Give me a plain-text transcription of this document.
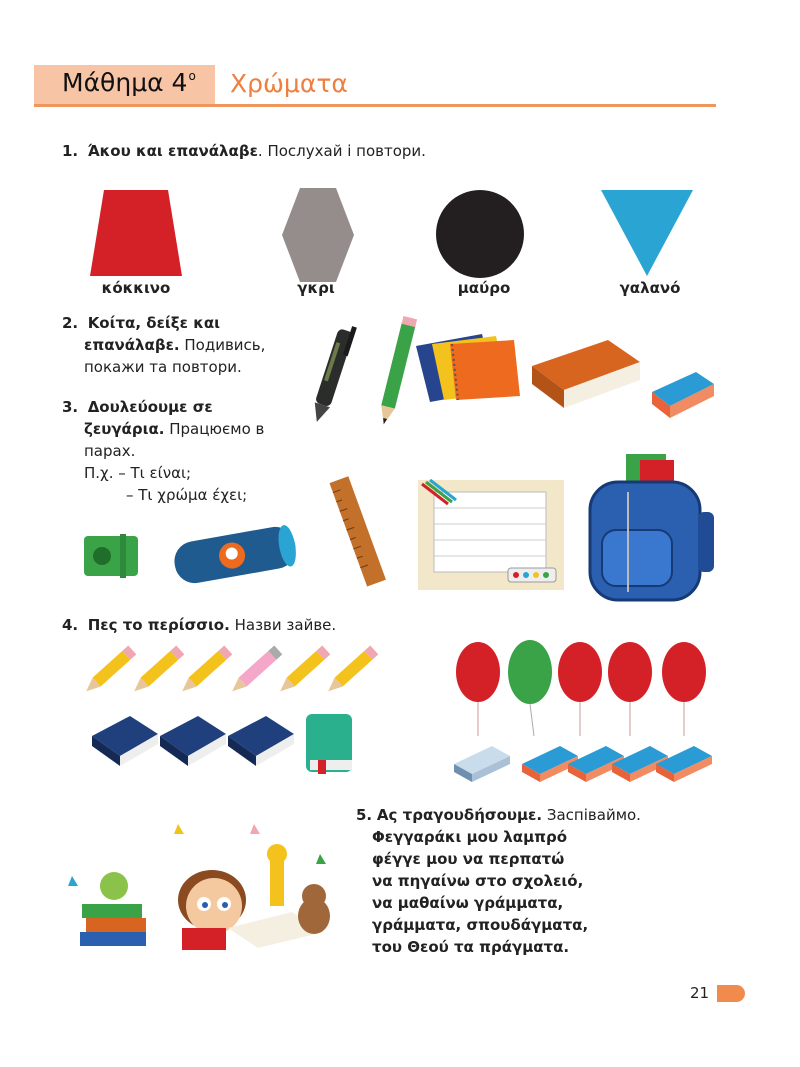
Μάθημα $4^o$ Χρώματα
1. Άκου και επανάλαβε. Послухай і повтори.
κόκκινο	γκρι	μαύρο	γαλανό
2. Κοίτα, δείξε και
επανάλαβε. Подивись,
покажи та повтори.
3. Δουλεύουμε σε
ζευγάρια. Працюємо в
парах.
Π.χ. – Τι είναι;
– Τι χρώμα έχει;
4. Πες το περίσσιο. Назви зайве.
5. Ας τραγουδήσουμε. Заспіваймо.
Φεγγαράκι μου λαμπρό
φέγγε μου να περπατώ
να πηγαίνω στο σχολειό,
να μαθαίνω γράμματα,
γράμματα, σπουδάγματα,
του Θεού τα πράγματα.
21
